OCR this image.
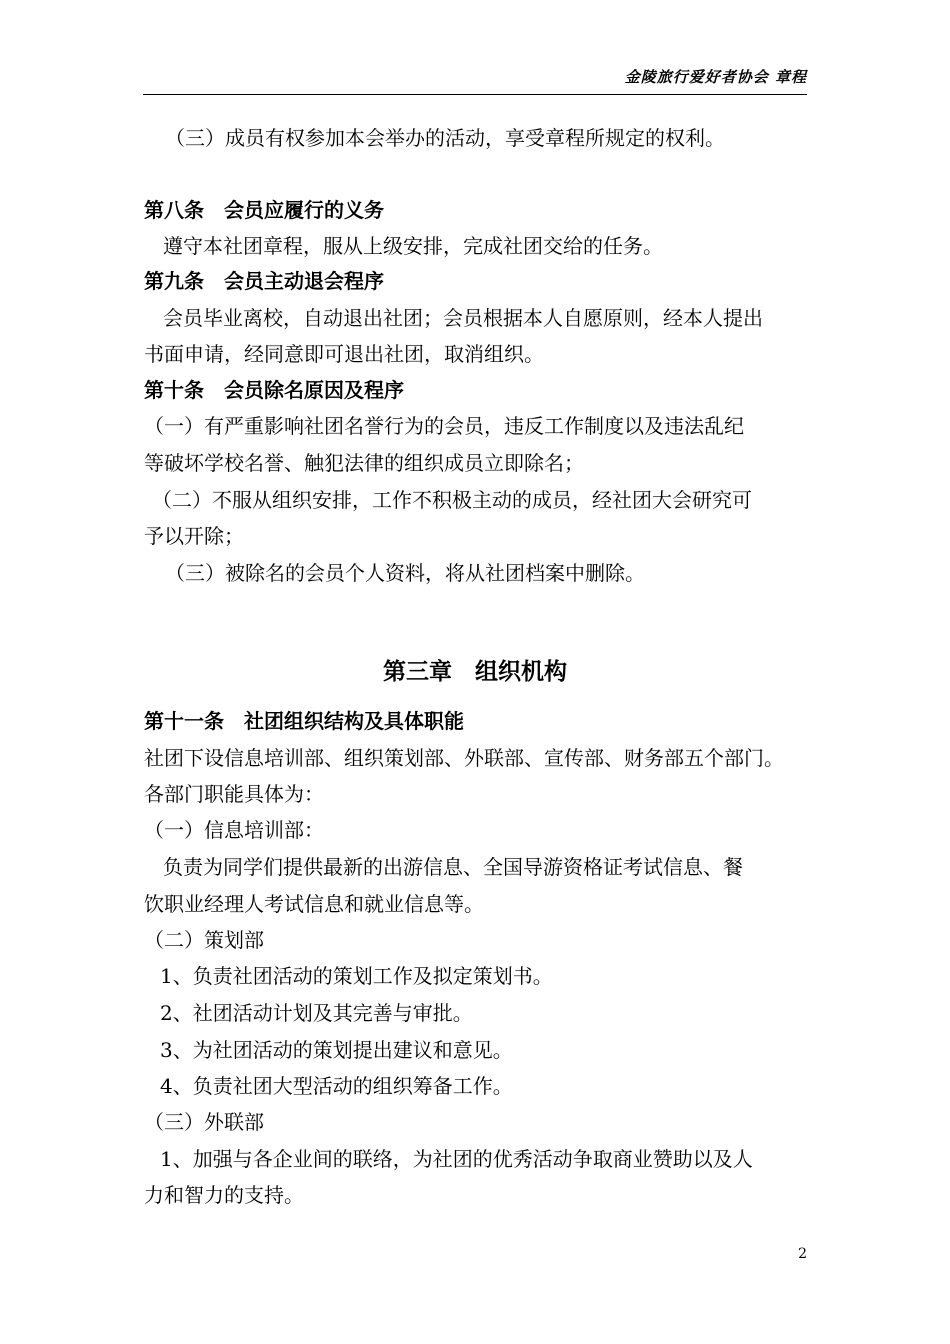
金陵旅行爱好者协会 章程
（三）成员有权参加本会举办的活动，享受章程所规定的权利。
第八条　会员应履行的义务
遵守本社团章程，服从上级安排，完成社团交给的任务。
第九条　会员主动退会程序
会员毕业离校，自动退出社团；会员根据本人自愿原则，经本人提出
书面申请，经同意即可退出社团，取消组织。
第十条　会员除名原因及程序
（一）有严重影响社团名誉行为的会员，违反工作制度以及违法乱纪
等破坏学校名誉、触犯法律的组织成员立即除名；
（二）不服从组织安排，工作不积极主动的成员，经社团大会研究可
予以开除；
（三）被除名的会员个人资料，将从社团档案中删除。
第三章　组织机构
第十一条　社团组织结构及具体职能
社团下设信息培训部、组织策划部、外联部、宣传部、财务部五个部门。
各部门职能具体为：
（一）信息培训部：
负责为同学们提供最新的出游信息、全国导游资格证考试信息、餐
饮职业经理人考试信息和就业信息等。
（二）策划部
1、负责社团活动的策划工作及拟定策划书。
2、社团活动计划及其完善与审批。
3、为社团活动的策划提出建议和意见。
4、负责社团大型活动的组织筹备工作。
（三）外联部
1、加强与各企业间的联络，为社团的优秀活动争取商业赞助以及人
力和智力的支持。
2
